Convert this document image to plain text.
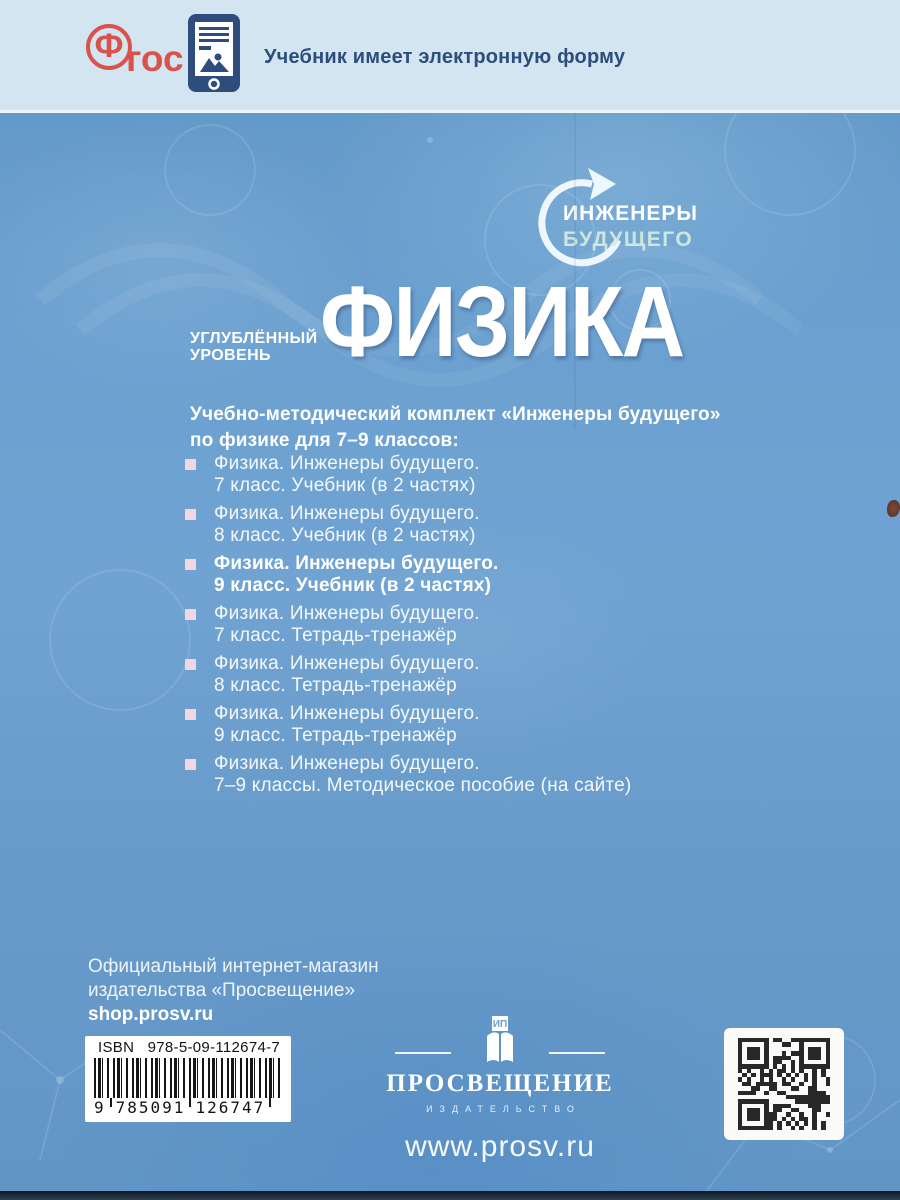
Ф гос	Учебник имеет электронную форму
ИНЖЕНЕРЫ
БУДУЩЕГО
УГЛУБЛЁННЫЙ
УРОВЕНЬ ФИЗИКА
Учебно-методический комплект «Инженеры будущего»
по физике для 7–9 классов:
Физика. Инженеры будущего.
7 класс. Учебник (в 2 частях)
Физика. Инженеры будущего.
8 класс. Учебник (в 2 частях)
Физика. Инженеры будущего.
9 класс. Учебник (в 2 частях)
Физика. Инженеры будущего.
7 класс. Тетрадь-тренажёр
Физика. Инженеры будущего.
8 класс. Тетрадь-тренажёр
Физика. Инженеры будущего.
9 класс. Тетрадь-тренажёр
Физика. Инженеры будущего.
7–9 классы. Методическое пособие (на сайте)
Официальный интернет-магазин
издательства «Просвещение»
shop.prosv.ru
ISBN 978-5-09-112674-7
9 785091 126747
ИП
ПРОСВЕЩЕНИЕ
ИЗДАТЕЛЬСТВО
www.prosv.ru
